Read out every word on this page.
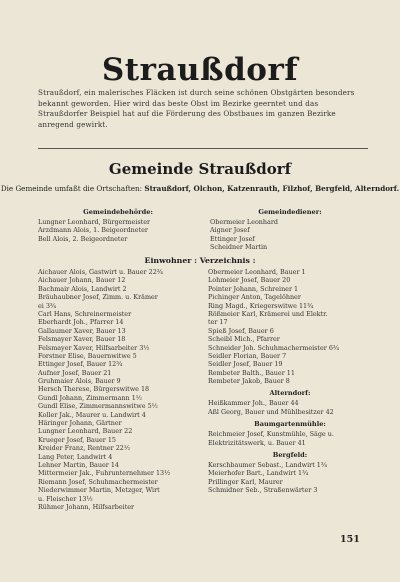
Straußdorf
Straußdorf, ein malerisches Fläcken ist durch seine schönen Obstgärten besonders bekannt geworden. Hier wird das beste Obst im Bezirke geerntet und das Straußdorfer Beispiel hat auf die Förderung des Obstbaues im ganzen Bezirke anregend gewirkt.
Gemeinde Straußdorf
Die Gemeinde umfaßt die Ortschaften: Straußdorf, Olchon, Katzenrauth, Filzhof, Bergfeld, Alterndorf.
Gemeindebehörde:
Lungner Leonhard, Bürgermeister
Arzdmann Alois, 1. Beigeordneter
Bell Alois, 2. Beigeordneter
Gemeindediener:
Obermeier Leonhard
Aigner Josef
Ettinger Josef
Scheidner Martin
Einwohner : Verzeichnis :
Aichauer Alois, Gastwirt u. Bauer 22¾
Aichauer Johann, Bauer 12
Bachmair Alois, Landwirt 2
Bräuhaubner Josef, Zimm. u. Krämer
ei 3¾
Carl Hans, Schreinermeister
Eberhardt Joh., Pfarrer 14
Gallaumer Xaver, Bauer 13
Felsmayer Xaver, Bauer 18
Felsmayer Xaver, Hilfsarbeiter 3½
Forstner Elise, Bauernwitwe 5
Ettinger Josef, Bauer 12¾
Aufner Josef, Bauer 21
Gruhmaier Alois, Bauer 9
Hersch Therese, Bürgerswitwe 18
Gundl Johann, Zimmermann 1½
Gundl Elise, Zimmermannswitwe 5½
Koller Jak., Maurer u. Landwirt 4
Häringer Johann, Gärtner
Lungner Leonhard, Bauer 22
Krueger Josef, Bauer 15
Kreider Franz, Rentner 22½
Lang Peter, Landwirt 4
Lehner Martin, Bauer 14
Mittermeier Jak., Fuhrunternehmer 13½
Riemann Josef, Schuhmachermeister
Niederwimmer Martin, Metzger, Wirt
u. Fleischer 13½
Rühmer Johann, Hilfsarbeiter
Obermeier Leonhard, Bauer 1
Lohmeier Josef, Bauer 20
Pointer Johann, Schreiner 1
Pichinger Anton, Tagelöhner
Ring Magd., Kriegerswitwe 11¾
Rößmeier Karl, Krämerei und Elektr.
ter 17
Spieß Josef, Bauer 6
Scheibl Mich., Pfarrer
Schneider Joh. Schuhmachermeister 6¾
Seidler Florian, Bauer 7
Seidler Josef, Bauer 19
Rembeter Balth., Bauer 11
Rembeter Jakob, Bauer 8
Alterndorf:
Heißkammer Joh., Bauer 44
Aßl Georg, Bauer und Mühlbesitzer 42
Baumgartenmühle:
Reichmeier Josef, Kunstmühle, Säge u.
Elektrizitätswerk, u. Bauer 41
Bergfeld:
Kerschbaumer Sebast., Landwirt 1¾
Meierhofer Bart., Landwirt 1¾
Prillinger Karl, Maurer
Schmidner Seb., Straßenwärter 3
151
